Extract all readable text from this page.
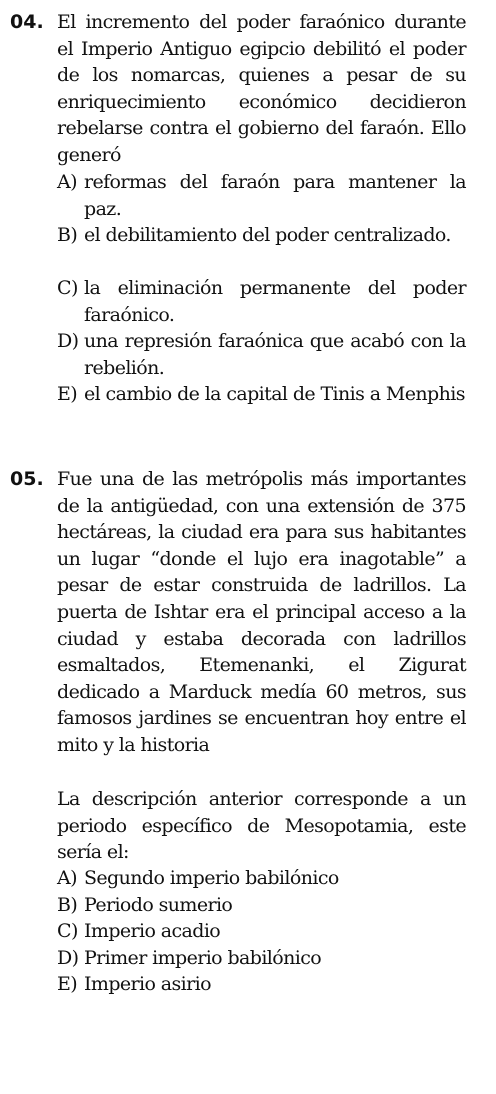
04. El incremento del poder faraónico durante el Imperio Antiguo egipcio debilitó el poder de los nomarcas, quienes a pesar de su enriquecimiento económico decidieron rebelarse contra el gobierno del faraón. Ello generó
A) reformas del faraón para mantener la paz.
B) el debilitamiento del poder centralizado.
C) la eliminación permanente del poder faraónico.
D) una represión faraónica que acabó con la rebelión.
E) el cambio de la capital de Tinis a Menphis
05. Fue una de las metrópolis más importantes de la antigüedad, con una extensión de 375 hectáreas, la ciudad era para sus habitantes un lugar “donde el lujo era inagotable” a pesar de estar construida de ladrillos. La puerta de Ishtar era el principal acceso a la ciudad y estaba decorada con ladrillos esmaltados, Etemenanki, el Zigurat dedicado a Marduck medía 60 metros, sus famosos jardines se encuentran hoy entre el mito y la historia
La descripción anterior corresponde a un periodo específico de Mesopotamia, este sería el:
A) Segundo imperio babilónico
B) Periodo sumerio
C) Imperio acadio
D) Primer imperio babilónico
E) Imperio asirio
